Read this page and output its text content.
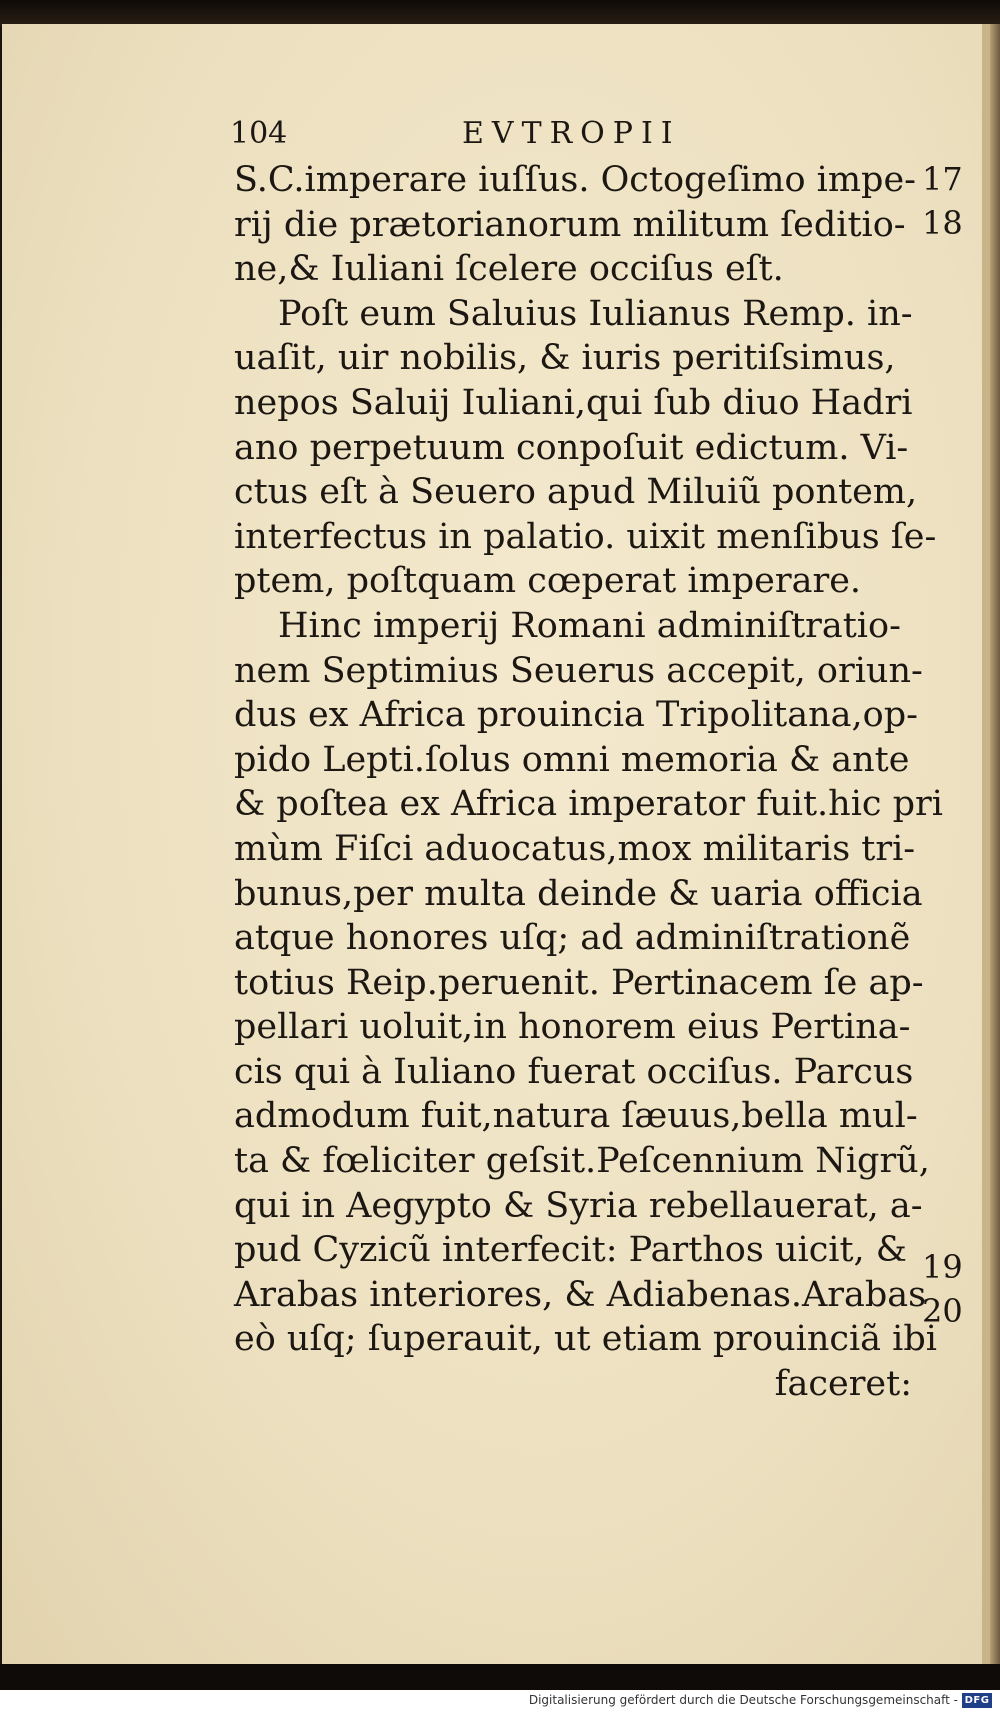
104	EVTROPII
S.C.imperare iuſſus. Octogeſimo impe-
rij die prætorianorum militum ſeditio-
ne,& Iuliani ſcelere occiſus eſt.
Poſt eum Saluius Iulianus Remp. in-
uaſit, uir nobilis, & iuris peritiſsimus,
nepos Saluij Iuliani,qui ſub diuo Hadri
ano perpetuum conpoſuit edictum. Vi-
ctus eſt à Seuero apud Miluiũ pontem,
interfectus in palatio. uixit menſibus ſe-
ptem, poſtquam cœperat imperare.
Hinc imperij Romani adminiſtratio-
nem Septimius Seuerus accepit, oriun-
dus ex Africa prouincia Tripolitana,op-
pido Lepti.ſolus omni memoria & ante
& poſtea ex Africa imperator fuit.hic pri
mùm Fiſci aduocatus,mox militaris tri-
bunus,per multa deinde & uaria officia
atque honores uſq; ad adminiſtrationẽ
totius Reip.peruenit. Pertinacem ſe ap-
pellari uoluit,in honorem eius Pertina-
cis qui à Iuliano fuerat occiſus. Parcus
admodum fuit,natura ſæuus,bella mul-
ta & fœliciter geſsit.Peſcennium Nigrũ,
qui in Aegypto & Syria rebellauerat, a-
pud Cyzicũ interfecit: Parthos uicit, &
Arabas interiores, & Adiabenas.Arabas
eò uſq; ſuperauit, ut etiam prouinciã ibi
faceret:
17
18
19
20
Digitalisierung gefördert durch die Deutsche Forschungsgemeinschaft - DFG
